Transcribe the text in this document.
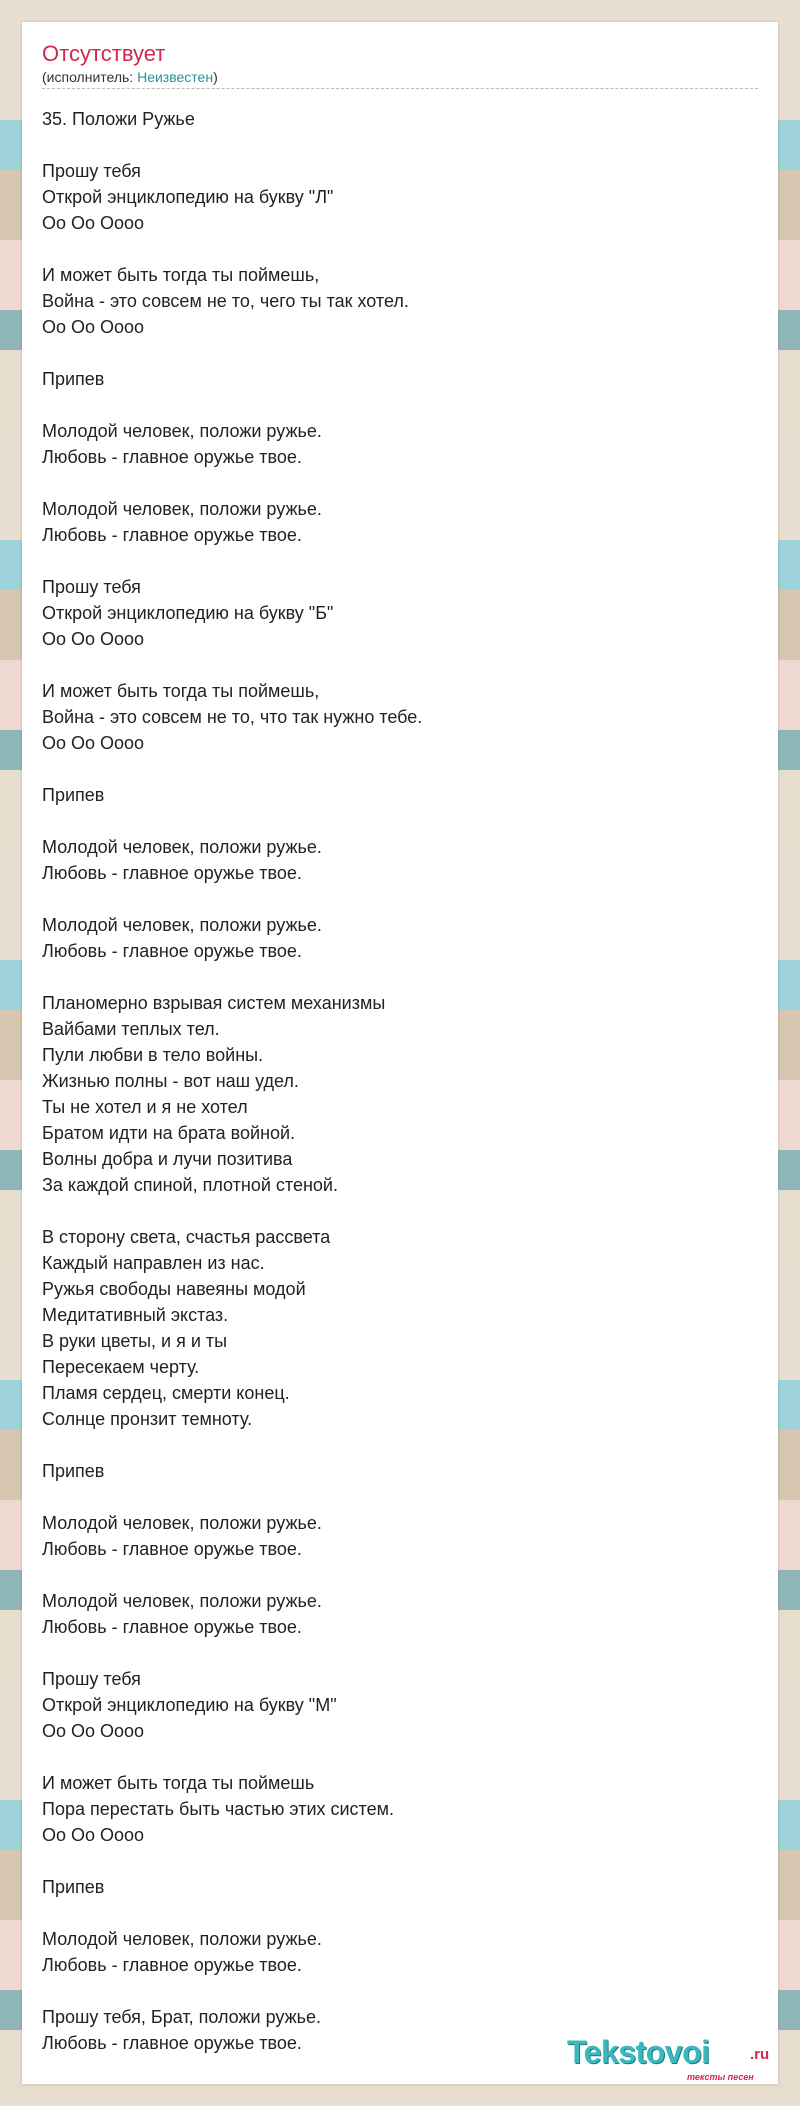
Отсутствует
(исполнитель: Неизвестен)
35. Положи Ружье
Прошу тебя
Открой энциклопедию на букву "Л"
Оо Оо Оооо
И может быть тогда ты поймешь,
Война - это совсем не то, чего ты так хотел.
Оо Оо Оооо
Припев
Молодой человек, положи ружье.
Любовь - главное оружье твое.
Молодой человек, положи ружье.
Любовь - главное оружье твое.
Прошу тебя
Открой энциклопедию на букву "Б"
Оо Оо Оооо
И может быть тогда ты поймешь,
Война - это совсем не то, что так нужно тебе.
Оо Оо Оооо
Припев
Молодой человек, положи ружье.
Любовь - главное оружье твое.
Молодой человек, положи ружье.
Любовь - главное оружье твое.
Планомерно взрывая систем механизмы
Вайбами теплых тел.
Пули любви в тело войны.
Жизнью полны - вот наш удел.
Ты не хотел и я не хотел
Братом идти на брата войной.
Волны добра и лучи позитива
За каждой спиной, плотной стеной.
В сторону света, счастья рассвета
Каждый направлен из нас.
Ружья свободы навеяны модой
Медитативный экстаз.
В руки цветы, и я и ты
Пересекаем черту.
Пламя сердец, смерти конец.
Солнце пронзит темноту.
Припев
Молодой человек, положи ружье.
Любовь - главное оружье твое.
Молодой человек, положи ружье.
Любовь - главное оружье твое.
Прошу тебя
Открой энциклопедию на букву "М"
Оо Оо Оооо
И может быть тогда ты поймешь
Пора перестать быть частью этих систем.
Оо Оо Оооо
Припев
Молодой человек, положи ружье.
Любовь - главное оружье твое.
Прошу тебя, Брат, положи ружье.
Любовь - главное оружье твое.	Tekstovoi	.ru
тексты песен
